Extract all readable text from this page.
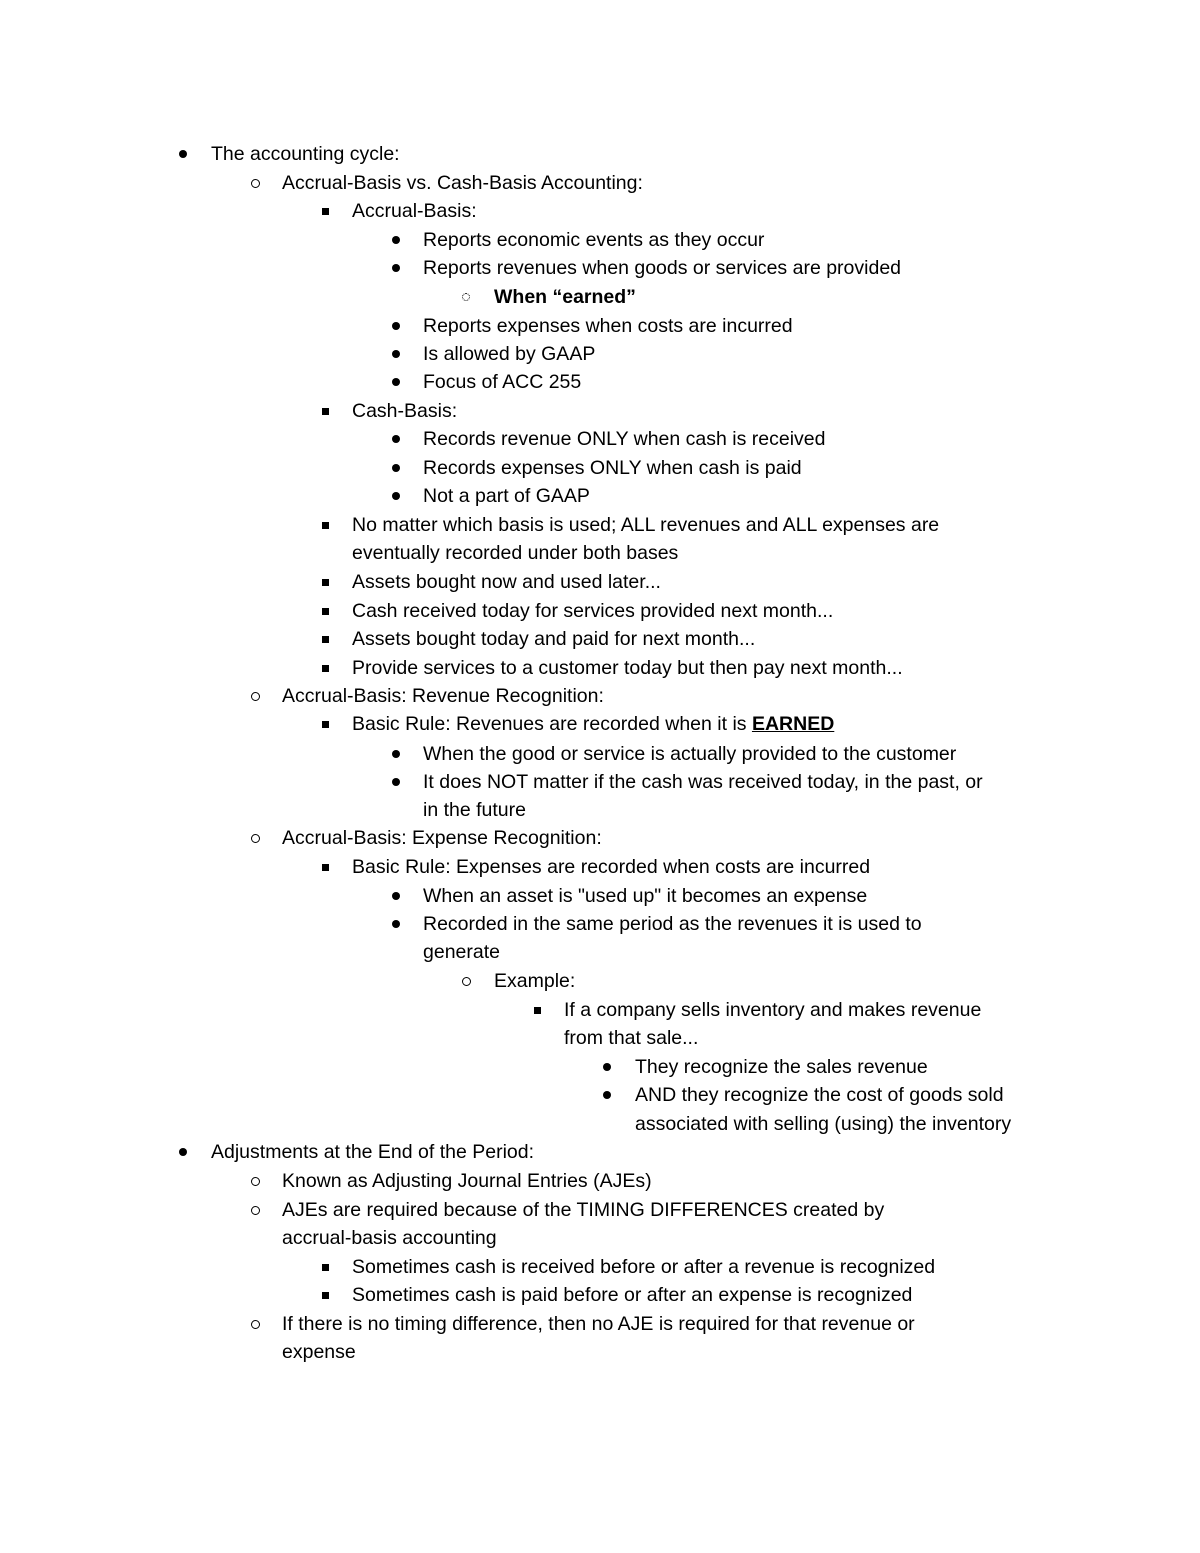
The accounting cycle:
Accrual-Basis vs. Cash-Basis Accounting:
Accrual-Basis:
Reports economic events as they occur
Reports revenues when goods or services are provided
When “earned”
Reports expenses when costs are incurred
Is allowed by GAAP
Focus of ACC 255
Cash-Basis:
Records revenue ONLY when cash is received
Records expenses ONLY when cash is paid
Not a part of GAAP
No matter which basis is used; ALL revenues and ALL expenses are
eventually recorded under both bases
Assets bought now and used later...
Cash received today for services provided next month...
Assets bought today and paid for next month...
Provide services to a customer today but then pay next month...
Accrual-Basis: Revenue Recognition:
Basic Rule: Revenues are recorded when it is EARNED
When the good or service is actually provided to the customer
It does NOT matter if the cash was received today, in the past, or
in the future
Accrual-Basis: Expense Recognition:
Basic Rule: Expenses are recorded when costs are incurred
When an asset is "used up" it becomes an expense
Recorded in the same period as the revenues it is used to
generate
Example:
If a company sells inventory and makes revenue
from that sale...
They recognize the sales revenue
AND they recognize the cost of goods sold
associated with selling (using) the inventory
Adjustments at the End of the Period:
Known as Adjusting Journal Entries (AJEs)
AJEs are required because of the TIMING DIFFERENCES created by
accrual-basis accounting
Sometimes cash is received before or after a revenue is recognized
Sometimes cash is paid before or after an expense is recognized
If there is no timing difference, then no AJE is required for that revenue or
expense
